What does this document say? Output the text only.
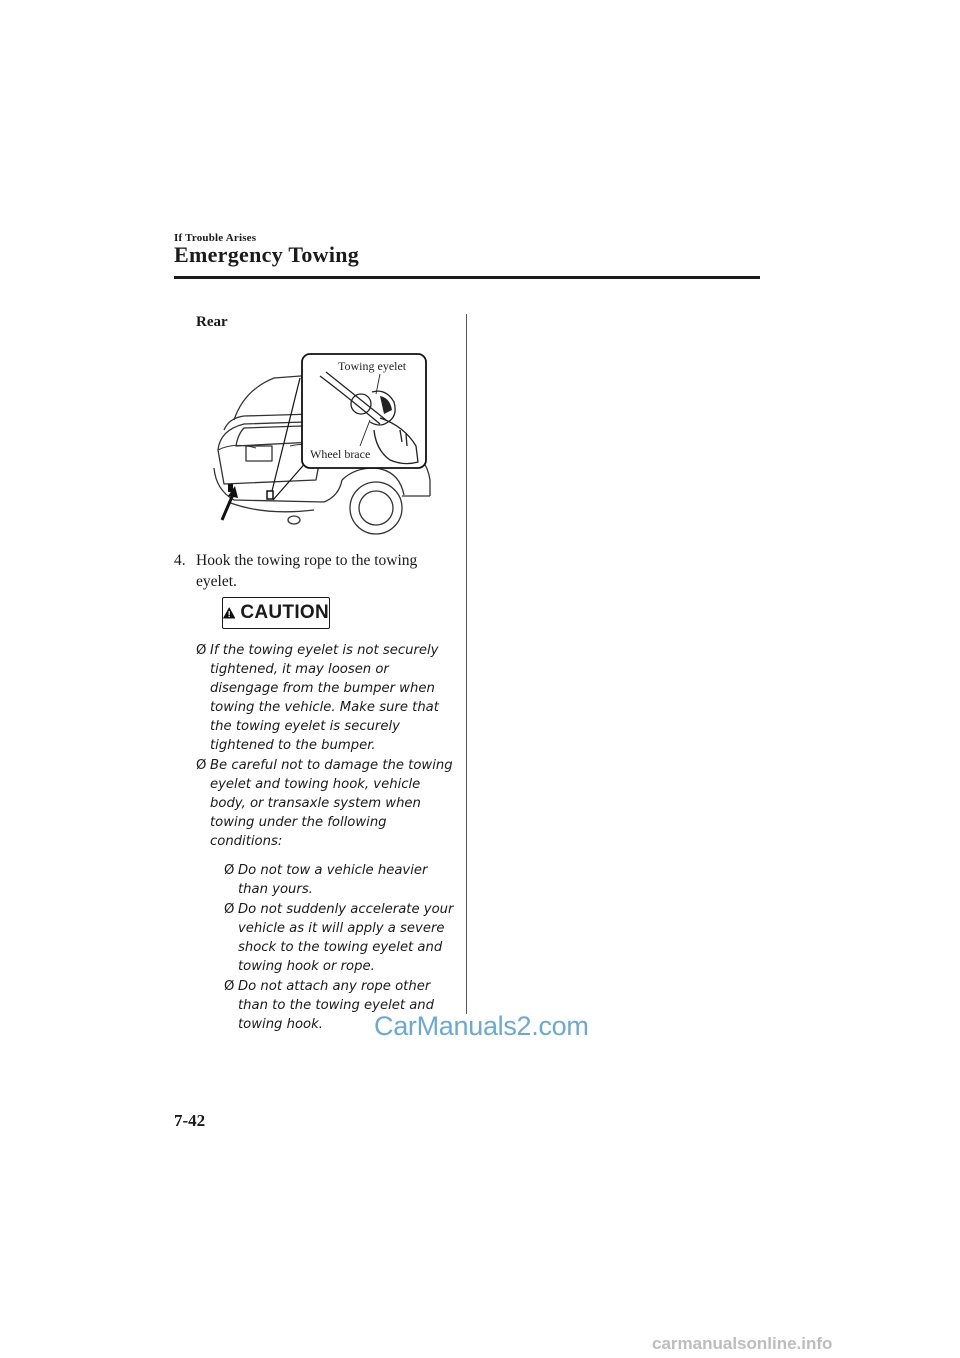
If Trouble Arises
Emergency Towing
Rear
Towing eyelet
Wheel brace
4. Hook the towing rope to the towing eyelet.
CAUTION
Ø If the towing eyelet is not securely tightened, it may loosen or disengage from the bumper when towing the vehicle. Make sure that the towing eyelet is securely tightened to the bumper.
Ø Be careful not to damage the towing eyelet and towing hook, vehicle body, or transaxle system when towing under the following conditions:
Ø Do not tow a vehicle heavier than yours.
Ø Do not suddenly accelerate your vehicle as it will apply a severe shock to the towing eyelet and towing hook or rope.
Ø Do not attach any rope other than to the towing eyelet and towing hook.	CarManuals2.com
7-42
carmanualsonline.info
